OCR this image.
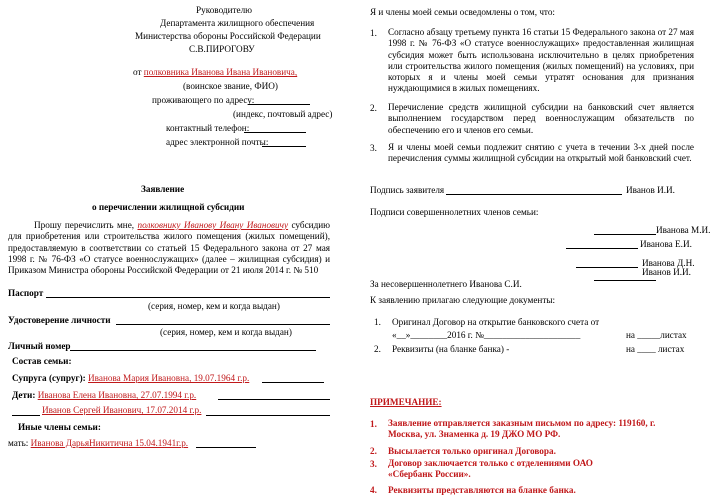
Руководителю
Департамента жилищного обеспечения
Министерства обороны Российской Федерации
С.В.ПИРОГОВУ
от полковника Иванова Ивана Ивановича,
(воинское звание, ФИО)
проживающего по адресу:
(индекс, почтовый адрес)
контактный телефон:
адрес электронной почты:
Заявление
о перечислении жилищной субсидии
Прошу перечислить мне, полковнику Иванову Ивану Ивановичу субсидию для приобретения или строительства жилого помещения (жилых помещений), предоставляемую в соответствии со статьей 15 Федерального закона от 27 мая 1998 г. № 76-ФЗ «О статусе военнослужащих» (далее – жилищная субсидия) и Приказом Министра обороны Российской Федерации от 21 июля 2014 г. № 510
Паспорт
(серия, номер, кем и когда выдан)
Удостоверение личности
(серия, номер, кем и когда выдан)
Личный номер
Состав семьи:
Супруга (супруг): Иванова Мария Ивановна, 19.07.1964 г.р.
Дети: Иванова Елена Ивановна, 27.07.1994 г.р.
Иванов Сергей Иванович, 17.07.2014 г.р.
Иные члены семьи:
мать: Иванова ДарьяНикитична 15.04.1941г.р.
Я и члены моей семьи осведомлены о том, что:
1. Согласно абзацу третьему пункта 16 статьи 15 Федерального закона от 27 мая 1998 г. № 76-ФЗ «О статусе военнослужащих» предоставленная жилищная субсидия может быть использована исключительно в целях приобретения или строительства жилого помещения (жилых помещений) на условиях, при которых я и члены моей семьи утратят основания для признания нуждающимися в жилых помещениях.
2. Перечисление средств жилищной субсидии на банковский счет является выполнением государством перед военнослужащим обязательств по обеспечению его и членов его семьи.
3. Я и члены моей семьи подлежит снятию с учета в течении 3-х дней после перечисления суммы жилищной субсидии на открытый мой банковский счет.
Подпись заявителя	Иванов И.И.
Подписи совершеннолетних членов семьи:
Иванова М.И.
Иванова Е.И.
Иванова Д.Н.
За несовершеннолетнего Иванова С.И.
Иванов И.И.
К заявлению прилагаю следующие документы:
1. Оригинал Договор на открытие банковского счета от
«__»________2016 г. №_____________________	на _____листах
2. Реквизиты (на бланке банка) -	на ____ листах
ПРИМЕЧАНИЕ:
1. Заявление отправляется заказным письмом по адресу: 119160, г. Москва, ул. Знаменка д. 19 ДЖО МО РФ.
2. Высылается только оригинал Договора.
3. Договор заключается только с отделениями ОАО «Сбербанк России».
4. Реквизиты представляются на бланке банка.
